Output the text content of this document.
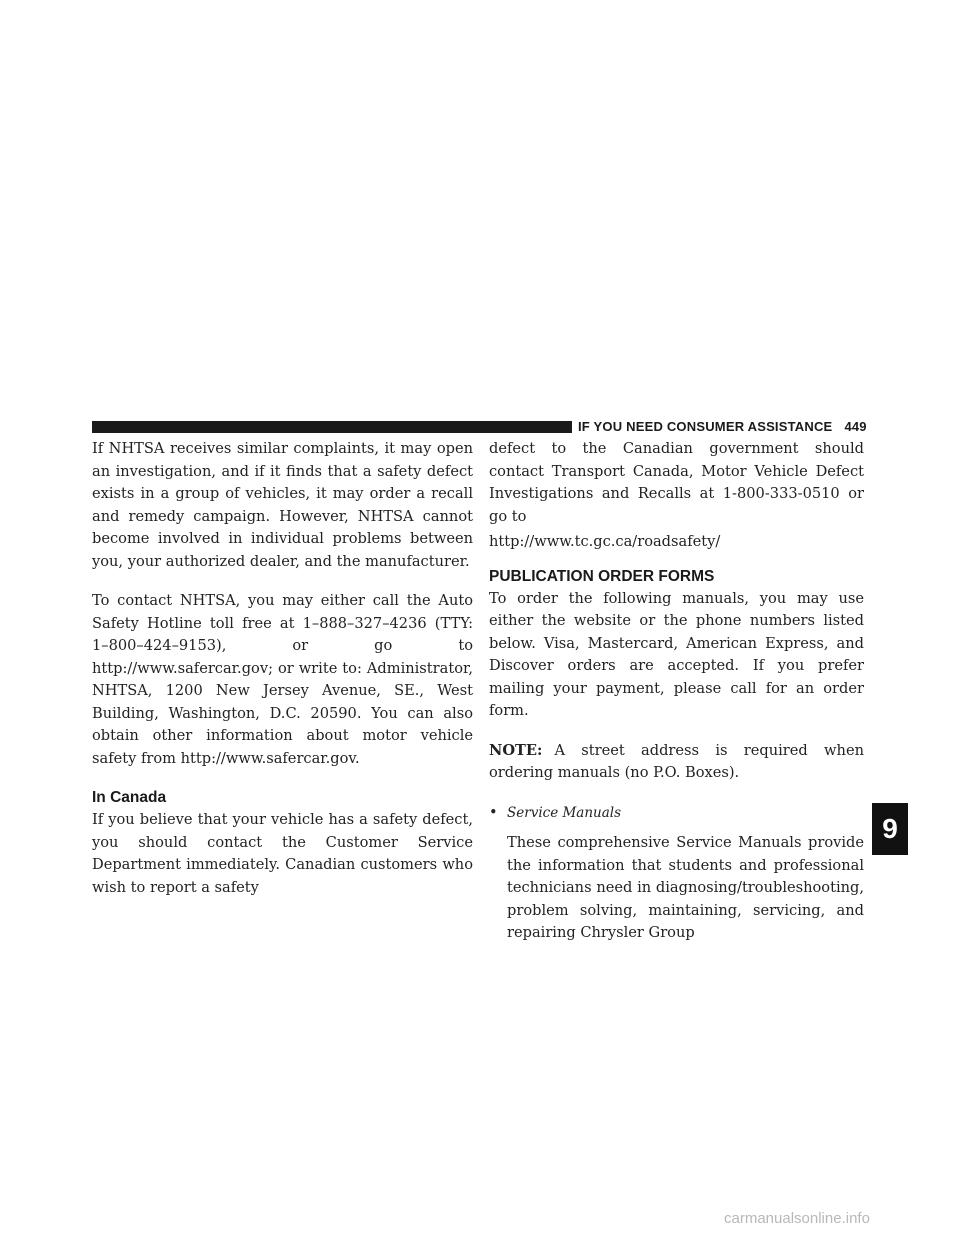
IF YOU NEED CONSUMER ASSISTANCE 449

If NHTSA receives similar complaints, it may open an investigation, and if it finds that a safety defect exists in a group of vehicles, it may order a recall and remedy campaign. However, NHTSA cannot become involved in individual problems between you, your authorized dealer, and the manufacturer.

To contact NHTSA, you may either call the Auto Safety Hotline toll free at 1–888–327–4236 (TTY: 1–800–424–9153), or go to http://www.safercar.gov; or write to: Administrator, NHTSA, 1200 New Jersey Avenue, SE., West Building, Washington, D.C. 20590. You can also obtain other information about motor vehicle safety from http://www.safercar.gov.

In Canada

If you believe that your vehicle has a safety defect, you should contact the Customer Service Department immediately. Canadian customers who wish to report a safety

defect to the Canadian government should contact Transport Canada, Motor Vehicle Defect Investigations and Recalls at 1-800-333-0510 or go to

http://www.tc.gc.ca/roadsafety/

PUBLICATION ORDER FORMS

To order the following manuals, you may use either the website or the phone numbers listed below. Visa, Mastercard, American Express, and Discover orders are accepted. If you prefer mailing your payment, please call for an order form.

NOTE: A street address is required when ordering manuals (no P.O. Boxes).

• Service Manuals

These comprehensive Service Manuals provide the information that students and professional technicians need in diagnosing/troubleshooting, problem solving, maintaining, servicing, and repairing Chrysler Group

9
carmanualsonline.info
